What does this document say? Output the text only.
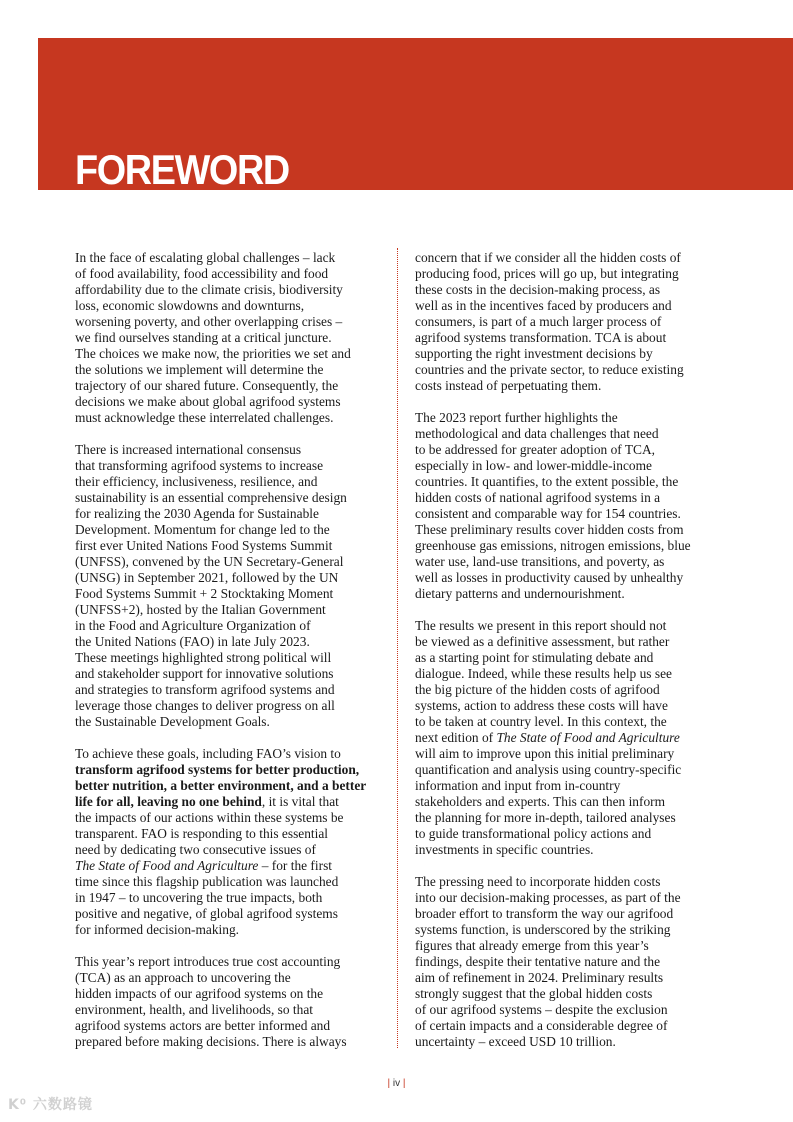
FOREWORD

In the face of escalating global challenges – lack
of food availability, food accessibility and food
affordability due to the climate crisis, biodiversity
loss, economic slowdowns and downturns,
worsening poverty, and other overlapping crises –
we find ourselves standing at a critical juncture.
The choices we make now, the priorities we set and
the solutions we implement will determine the
trajectory of our shared future. Consequently, the
decisions we make about global agrifood systems
must acknowledge these interrelated challenges.

There is increased international consensus
that transforming agrifood systems to increase
their efficiency, inclusiveness, resilience, and
sustainability is an essential comprehensive design
for realizing the 2030 Agenda for Sustainable
Development. Momentum for change led to the
first ever United Nations Food Systems Summit
(UNFSS), convened by the UN Secretary-General
(UNSG) in September 2021, followed by the UN
Food Systems Summit + 2 Stocktaking Moment
(UNFSS+2), hosted by the Italian Government
in the Food and Agriculture Organization of
the United Nations (FAO) in late July 2023.
These meetings highlighted strong political will
and stakeholder support for innovative solutions
and strategies to transform agrifood systems and
leverage those changes to deliver progress on all
the Sustainable Development Goals.

To achieve these goals, including FAO’s vision to
transform agrifood systems for better production,
better nutrition, a better environment, and a better
life for all, leaving no one behind, it is vital that
the impacts of our actions within these systems be
transparent. FAO is responding to this essential
need by dedicating two consecutive issues of
The State of Food and Agriculture – for the first
time since this flagship publication was launched
in 1947 – to uncovering the true impacts, both
positive and negative, of global agrifood systems
for informed decision-making.

This year’s report introduces true cost accounting
(TCA) as an approach to uncovering the
hidden impacts of our agrifood systems on the
environment, health, and livelihoods, so that
agrifood systems actors are better informed and
prepared before making decisions. There is always

concern that if we consider all the hidden costs of
producing food, prices will go up, but integrating
these costs in the decision-making process, as
well as in the incentives faced by producers and
consumers, is part of a much larger process of
agrifood systems transformation. TCA is about
supporting the right investment decisions by
countries and the private sector, to reduce existing
costs instead of perpetuating them.

The 2023 report further highlights the
methodological and data challenges that need
to be addressed for greater adoption of TCA,
especially in low- and lower-middle-income
countries. It quantifies, to the extent possible, the
hidden costs of national agrifood systems in a
consistent and comparable way for 154 countries.
These preliminary results cover hidden costs from
greenhouse gas emissions, nitrogen emissions, blue
water use, land-use transitions, and poverty, as
well as losses in productivity caused by unhealthy
dietary patterns and undernourishment.

The results we present in this report should not
be viewed as a definitive assessment, but rather
as a starting point for stimulating debate and
dialogue. Indeed, while these results help us see
the big picture of the hidden costs of agrifood
systems, action to address these costs will have
to be taken at country level. In this context, the
next edition of The State of Food and Agriculture
will aim to improve upon this initial preliminary
quantification and analysis using country-specific
information and input from in-country
stakeholders and experts. This can then inform
the planning for more in-depth, tailored analyses
to guide transformational policy actions and
investments in specific countries.

The pressing need to incorporate hidden costs
into our decision-making processes, as part of the
broader effort to transform the way our agrifood
systems function, is underscored by the striking
figures that already emerge from this year’s
findings, despite their tentative nature and the
aim of refinement in 2024. Preliminary results
strongly suggest that the global hidden costs
of our agrifood systems – despite the exclusion
of certain impacts and a considerable degree of
uncertainty – exceed USD 10 trillion.

| iv |
K⁰ 六数路镜
